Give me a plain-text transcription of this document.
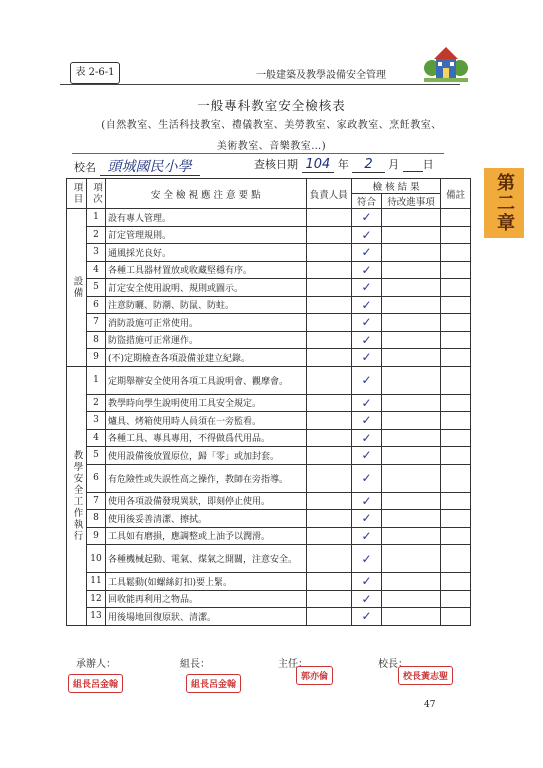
表 2-6-1	一般建築及教學設備安全管理
一般專科教室安全檢核表
(自然教室、生活科技教室、禮儀教室、美勞教室、家政教室、烹飪教室、
美術教室、音樂教室…)
校名 頭城國民小學	查核日期 104 年 2 月 日
第二章
項目	項次	安 全 檢 視 應 注 意 要 點	負責人員	檢 核 結 果		備註
				符合	待改進事項	
設備	1	設有專人管理。		✓		
	2	訂定管理規則。		✓		
	3	通風採光良好。		✓		
	4	各種工具器材置放或收藏堅穩有序。		✓		
	5	訂定安全使用說明、規則或圖示。		✓		
	6	注意防曬、防潮、防鼠、防蛀。		✓		
	7	消防設施可正常使用。		✓		
	8	防盜措施可正常運作。		✓		
	9	(不)定期檢查各項設備並建立紀錄。		✓		
教學安全工作執行	1	定期舉辦安全使用各項工具說明會、觀摩會。		✓		
	2	教學時向學生說明使用工具安全規定。		✓		
	3	爐具、烤箱使用時人員須在一旁監看。		✓		
	4	各種工具、專具專用，不得做爲代用品。		✓		
	5	使用設備後放置原位，歸「零」或加封套。		✓		
	6	有危險性或失誤性高之操作，教師在旁指導。		✓		
	7	使用各項設備發現異狀，即刻停止使用。		✓		
	8	使用後妥善清潔、擦拭。		✓		
	9	工具如有磨損，應調整或上油予以潤滑。		✓		
	10	各種機械起動、電氣、煤氣之開關，注意安全。		✓		
	11	工具鬆動(如螺絲釘扣)要上緊。		✓		
	12	回收能再利用之物品。		✓		
	13	用後場地回復原狀、清潔。		✓		
承辦人：	組長：	主任：	校長：
組長呂金翰	組長呂金翰
郭亦倫	校長黃志聖
47
